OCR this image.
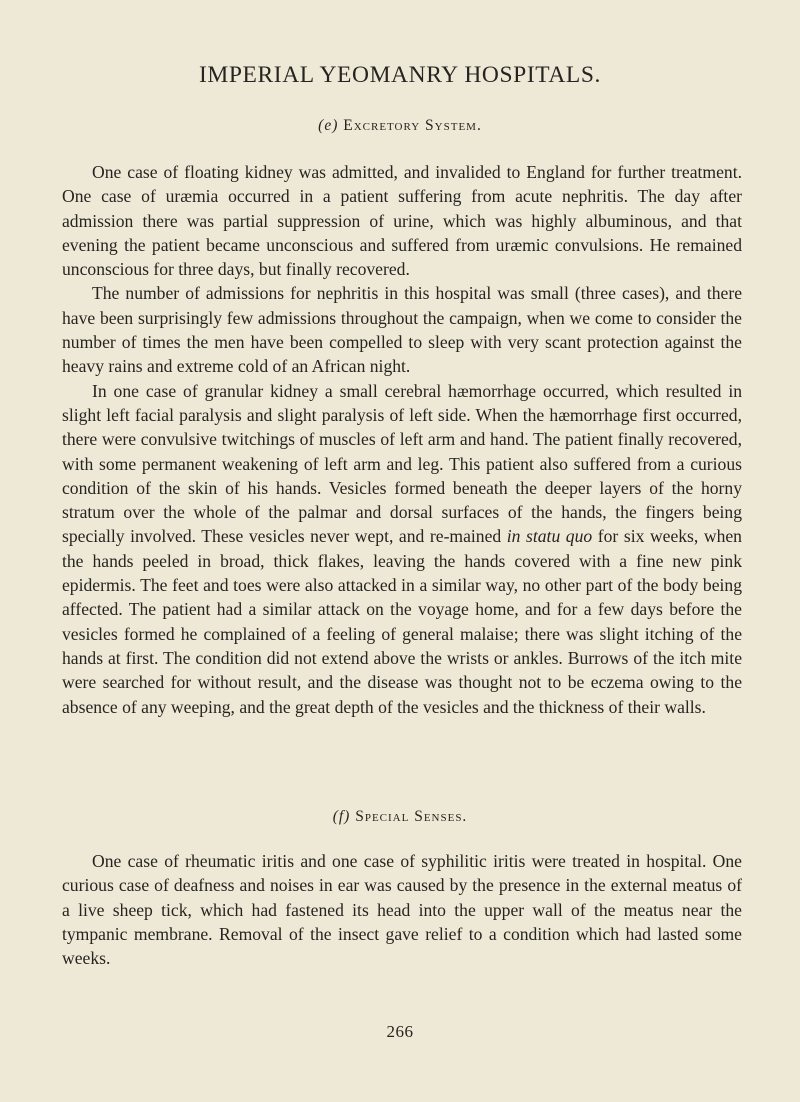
IMPERIAL YEOMANRY HOSPITALS.
(e) Excretory System.

One case of floating kidney was admitted, and invalided to England for further treatment. One case of uræmia occurred in a patient suffering from acute nephritis. The day after admission there was partial suppression of urine, which was highly albuminous, and that evening the patient became unconscious and suffered from uræmic convulsions. He remained unconscious for three days, but finally recovered.

The number of admissions for nephritis in this hospital was small (three cases), and there have been surprisingly few admissions throughout the campaign, when we come to consider the number of times the men have been compelled to sleep with very scant protection against the heavy rains and extreme cold of an African night.

In one case of granular kidney a small cerebral hæmorrhage occurred, which resulted in slight left facial paralysis and slight paralysis of left side. When the hæmorrhage first occurred, there were convulsive twitchings of muscles of left arm and hand. The patient finally recovered, with some permanent weakening of left arm and leg. This patient also suffered from a curious condition of the skin of his hands. Vesicles formed beneath the deeper layers of the horny stratum over the whole of the palmar and dorsal surfaces of the hands, the fingers being specially involved. These vesicles never wept, and re-mained in statu quo for six weeks, when the hands peeled in broad, thick flakes, leaving the hands covered with a fine new pink epidermis. The feet and toes were also attacked in a similar way, no other part of the body being affected. The patient had a similar attack on the voyage home, and for a few days before the vesicles formed he complained of a feeling of general malaise; there was slight itching of the hands at first. The condition did not extend above the wrists or ankles. Burrows of the itch mite were searched for without result, and the disease was thought not to be eczema owing to the absence of any weeping, and the great depth of the vesicles and the thickness of their walls.

(f) Special Senses.

One case of rheumatic iritis and one case of syphilitic iritis were treated in hospital. One curious case of deafness and noises in ear was caused by the presence in the external meatus of a live sheep tick, which had fastened its head into the upper wall of the meatus near the tympanic membrane. Removal of the insect gave relief to a condition which had lasted some weeks.

266
